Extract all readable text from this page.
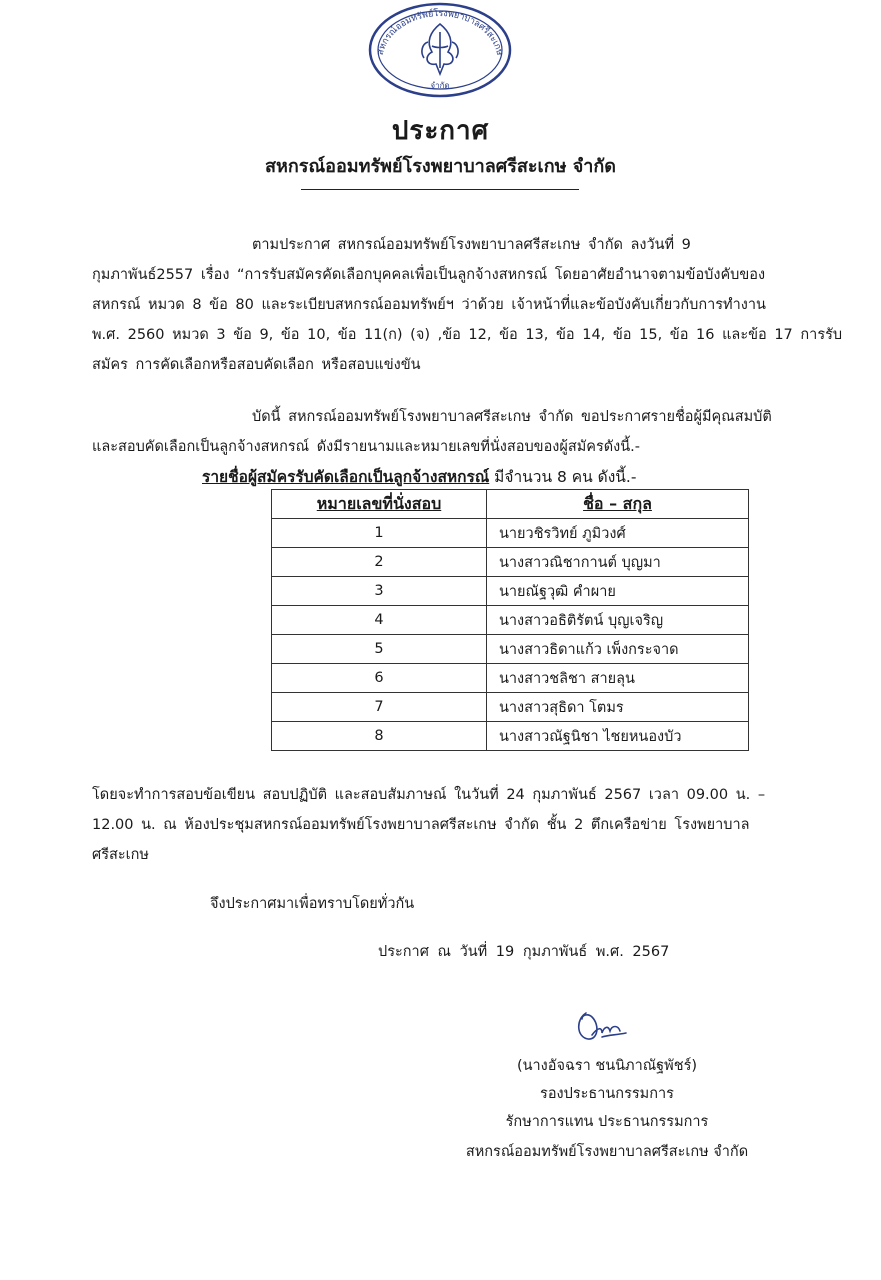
สหกรณ์ออมทรัพย์โรงพยาบาลศรีสะเกษ
จำกัด
ประกาศ
สหกรณ์ออมทรัพย์โรงพยาบาลศรีสะเกษ จำกัด
ตามประกาศ สหกรณ์ออมทรัพย์โรงพยาบาลศรีสะเกษ จำกัด ลงวันที่ 9
กุมภาพันธ์2557 เรื่อง “การรับสมัครคัดเลือกบุคคลเพื่อเป็นลูกจ้างสหกรณ์ โดยอาศัยอำนาจตามข้อบังคับของ
สหกรณ์ หมวด 8 ข้อ 80 และระเบียบสหกรณ์ออมทรัพย์ฯ ว่าด้วย เจ้าหน้าที่และข้อบังคับเกี่ยวกับการทำงาน
พ.ศ. 2560 หมวด 3 ข้อ 9, ข้อ 10, ข้อ 11(ก) (จ) ,ข้อ 12, ข้อ 13, ข้อ 14, ข้อ 15, ข้อ 16 และข้อ 17 การรับ
สมัคร การคัดเลือกหรือสอบคัดเลือก หรือสอบแข่งขัน
บัดนี้ สหกรณ์ออมทรัพย์โรงพยาบาลศรีสะเกษ จำกัด ขอประกาศรายชื่อผู้มีคุณสมบัติ
และสอบคัดเลือกเป็นลูกจ้างสหกรณ์ ดังมีรายนามและหมายเลขที่นั่งสอบของผู้สมัครดังนี้.-
รายชื่อผู้สมัครรับคัดเลือกเป็นลูกจ้างสหกรณ์ มีจำนวน 8 คน ดังนี้.-
หมายเลขที่นั่งสอบ	ชื่อ – สกุล
1	นายวชิรวิทย์ ภูมิวงศ์
2	นางสาวณิชากานต์ บุญมา
3	นายณัฐวุฒิ คำผาย
4	นางสาวอธิติรัตน์ บุญเจริญ
5	นางสาวธิดาแก้ว เพ็งกระจาด
6	นางสาวชลิชา สายลุน
7	นางสาวสุธิดา โตมร
8	นางสาวณัฐนิชา ไชยหนองบัว
โดยจะทำการสอบข้อเขียน สอบปฏิบัติ และสอบสัมภาษณ์ ในวันที่ 24 กุมภาพันธ์ 2567 เวลา 09.00 น. –
12.00 น. ณ ห้องประชุมสหกรณ์ออมทรัพย์โรงพยาบาลศรีสะเกษ จำกัด ชั้น 2 ตึกเครือข่าย โรงพยาบาล
ศรีสะเกษ
จึงประกาศมาเพื่อทราบโดยทั่วกัน
ประกาศ ณ วันที่ 19 กุมภาพันธ์ พ.ศ. 2567
(นางอัจฉรา ชนนิภาณัฐพัชร์)
รองประธานกรรมการ
รักษาการแทน ประธานกรรมการ
สหกรณ์ออมทรัพย์โรงพยาบาลศรีสะเกษ จำกัด
